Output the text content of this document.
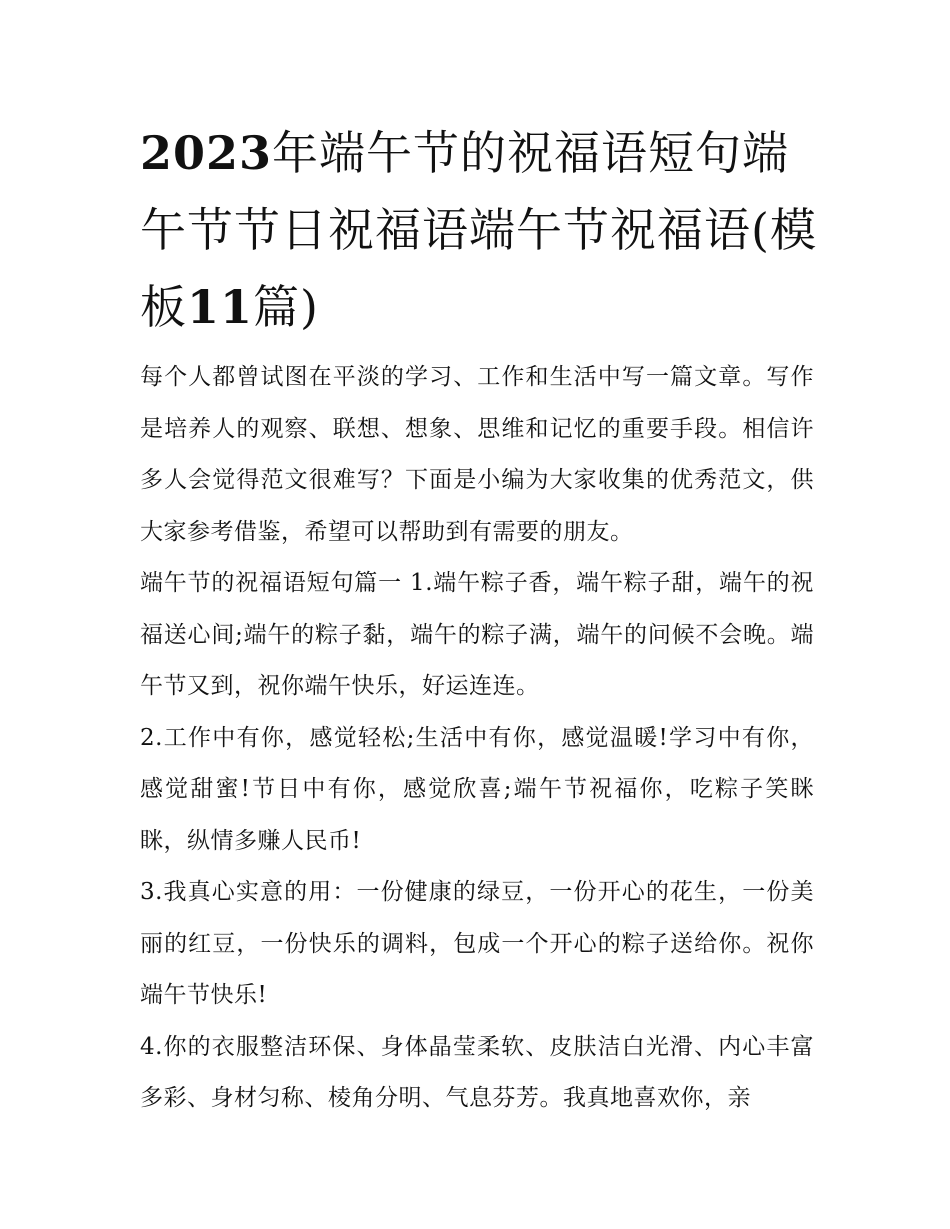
2023年端午节的祝福语短句端午节节日祝福语端午节祝福语(模板11篇)

每个人都曾试图在平淡的学习、工作和生活中写一篇文章。写作是培养人的观察、联想、想象、思维和记忆的重要手段。相信许多人会觉得范文很难写？下面是小编为大家收集的优秀范文，供大家参考借鉴，希望可以帮助到有需要的朋友。

端午节的祝福语短句篇一 1.端午粽子香，端午粽子甜，端午的祝福送心间;端午的粽子黏，端午的粽子满，端午的问候不会晚。端午节又到，祝你端午快乐，好运连连。

2.工作中有你，感觉轻松;生活中有你，感觉温暖!学习中有你，感觉甜蜜!节日中有你，感觉欣喜;端午节祝福你，吃粽子笑眯眯，纵情多赚人民币!

3.我真心实意的用：一份健康的绿豆，一份开心的花生，一份美丽的红豆，一份快乐的调料，包成一个开心的粽子送给你。祝你端午节快乐!

4.你的衣服整洁环保、身体晶莹柔软、皮肤洁白光滑、内心丰富多彩、身材匀称、棱角分明、气息芬芳。我真地喜欢你，亲
